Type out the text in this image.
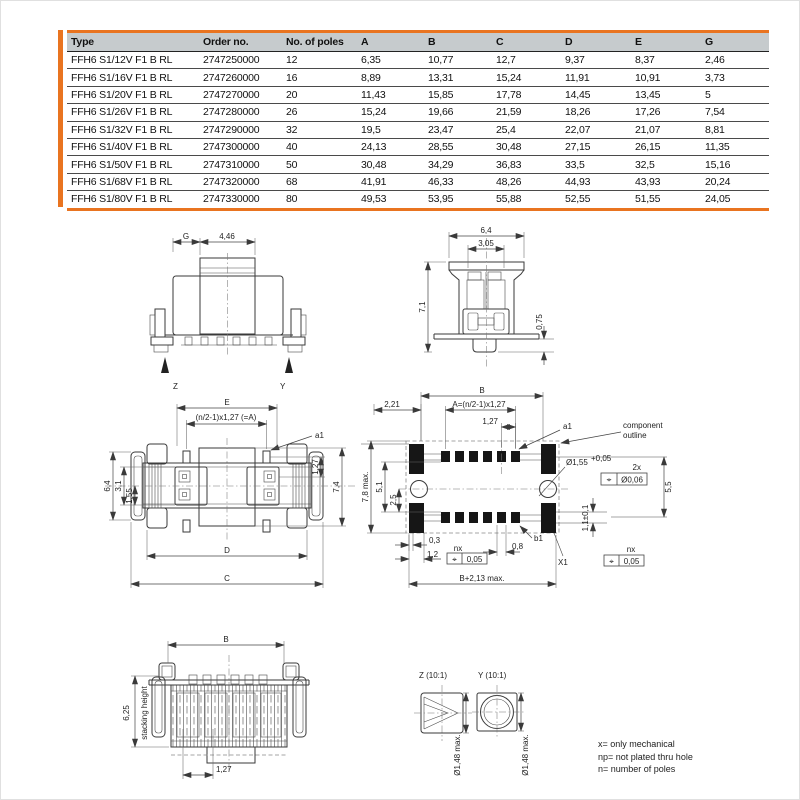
Type	Order no.	No. of poles	A	B	C	D	E	G
FFH6 S1/12V F1 B RL	2747250000	12	6,35	10,77	12,7	9,37	8,37	2,46
FFH6 S1/16V F1 B RL	2747260000	16	8,89	13,31	15,24	11,91	10,91	3,73
FFH6 S1/20V F1 B RL	2747270000	20	11,43	15,85	17,78	14,45	13,45	5
FFH6 S1/26V F1 B RL	2747280000	26	15,24	19,66	21,59	18,26	17,26	7,54
FFH6 S1/32V F1 B RL	2747290000	32	19,5	23,47	25,4	22,07	21,07	8,81
FFH6 S1/40V F1 B RL	2747300000	40	24,13	28,55	30,48	27,15	26,15	11,35
FFH6 S1/50V F1 B RL	2747310000	50	30,48	34,29	36,83	33,5	32,5	15,16
FFH6 S1/68V F1 B RL	2747320000	68	41,91	46,33	48,26	44,93	43,93	20,24
FFH6 S1/80V F1 B RL	2747330000	80	49,53	53,95	55,88	52,55	51,55	24,05
G	4,46
Z	Y
6,4
3,05
7,1
0,75
E
(n/2-1)x1,27 (=A)
a1
6,4 3,1
1,55
1,27
7,4
D
C
B
2,21	A=(n/2-1)x1,27
1,27
a1	component
outline
Ø1,55 +0,05
2x
⌖ Ø0,06
5,5
7,8 max. 5,1
2,5
0,3
1,2
nx
⌖ 0,05
0,8
b1
X1
1,1±0,1
nx
⌖ 0,05
B+2,13 max.
B
6,25 stacking height
1,27
Z (10:1)	Y (10:1)
Ø1,48 max.	Ø1,48 max.	x= only mechanical
np= not plated thru hole
n= number of poles
